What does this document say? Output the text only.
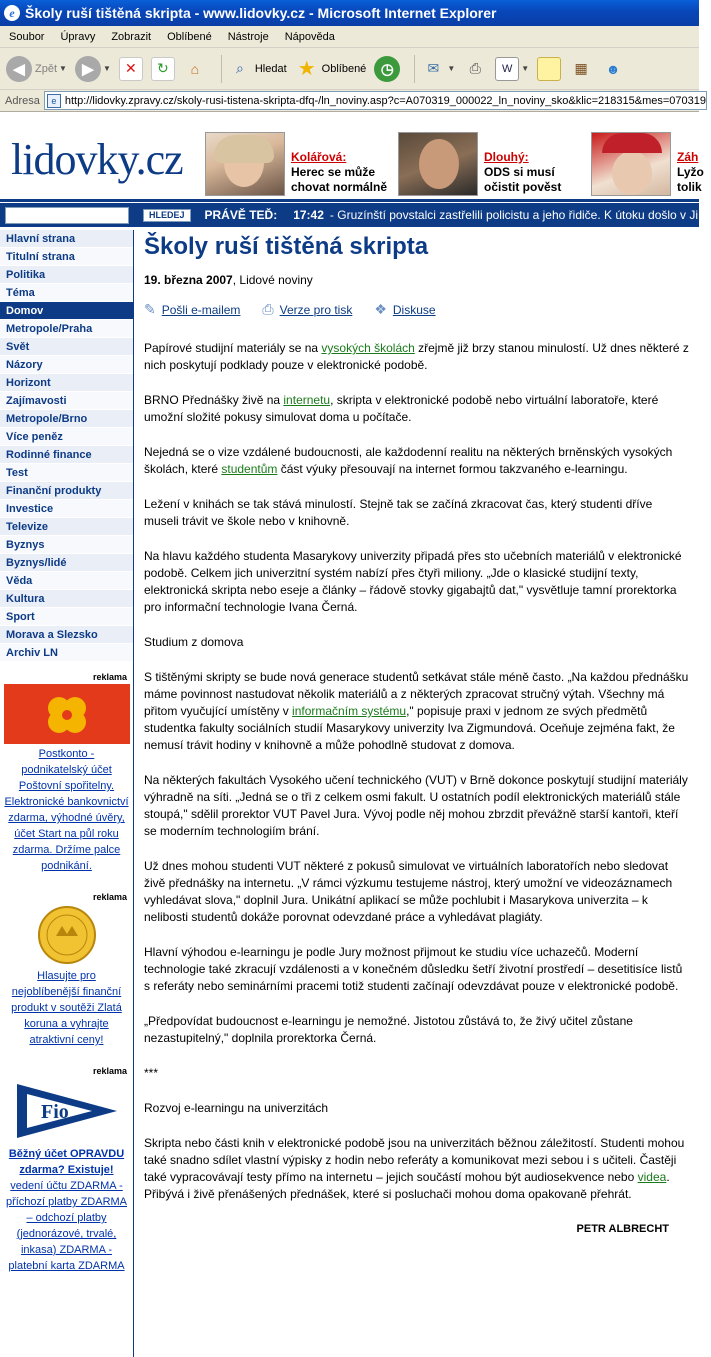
e Školy ruší tištěná skripta - www.lidovky.cz - Microsoft Internet Explorer
Soubor	Úpravy	Zobrazit	Oblíbené	Nástroje	Nápověda
◀ Zpět ▼	▶	▼	✕	↻	⌂	⌕	Hledat ★ Oblíbené ◷	✉	▼	⎙	W	▼	▦	☻
Adresa	e http://lidovky.zpravy.cz/skoly-rusi-tistena-skripta-dfq-/ln_noviny.asp?c=A070319_000022_ln_noviny_sko&klic=218315&mes=070319
lidovky.cz	Kolářová:
Herec se může chovat normálně
Dlouhý:
ODS si musí očistit pověst
Záh
Lyžo tolik
HLEDEJ	PRÁVĚ TEĎ: 17:42 - Gruzínští povstalci zastřelili policistu a jeho řidiče. K útoku došlo v Ji
Hlavní strana
Titulní strana
Politika
Téma
Domov
Metropole/Praha
Svět
Názory
Horizont
Zajímavosti
Metropole/Brno
Více peněz
Rodinné finance
Test
Finanční produkty
Investice
Televize
Byznys
Byznys/lidé
Věda
Kultura
Sport
Morava a Slezsko
Archiv LN
reklama
Postkonto - podnikatelský účet Poštovní spořitelny. Elektronické bankovnictví zdarma, výhodné úvěry, účet Start na půl roku zdarma. Držíme palce podnikání.
reklama
Hlasujte pro nejoblíbenější finanční produkt v soutěži Zlatá koruna a vyhrajte atraktivní ceny!
reklama
Fio
Běžný účet OPRAVDU zdarma? Existuje!
vedení účtu ZDARMA - příchozí platby ZDARMA – odchozí platby (jednorázové, trvalé, inkasa) ZDARMA - platební karta ZDARMA
Školy ruší tištěná skripta
19. března 2007, Lidové noviny
✎ Pošli e-mailem ⎙ Verze pro tisk ❖ Diskuse

Papírové studijní materiály se na vysokých školách zřejmě již brzy stanou minulostí. Už dnes některé z nich poskytují podklady pouze v elektronické podobě.

BRNO Přednášky živě na internetu, skripta v elektronické podobě nebo virtuální laboratoře, které umožní složité pokusy simulovat doma u počítače.

Nejedná se o vize vzdálené budoucnosti, ale každodenní realitu na některých brněnských vysokých školách, které studentům část výuky přesouvají na internet formou takzvaného e-learningu.

Ležení v knihách se tak stává minulostí. Stejně tak se začíná zkracovat čas, který studenti dříve museli trávit ve škole nebo v knihovně.

Na hlavu každého studenta Masarykovy univerzity připadá přes sto učebních materiálů v elektronické podobě. Celkem jich univerzitní systém nabízí přes čtyři miliony. „Jde o klasické studijní texty, elektronická skripta nebo eseje a články – řádově stovky gigabajtů dat," vysvětluje tamní prorektorka pro informační technologie Ivana Černá.

Studium z domova

S tištěnými skripty se bude nová generace studentů setkávat stále méně často. „Na každou přednášku máme povinnost nastudovat několik materiálů a z některých zpracovat stručný výtah. Všechny má přitom vyučující umístěny v informačním systému," popisuje praxi v jednom ze svých předmětů studentka fakulty sociálních studií Masarykovy univerzity Iva Zigmundová. Oceňuje zejména fakt, že nemusí trávit hodiny v knihovně a může pohodlně studovat z domova.

Na některých fakultách Vysokého učení technického (VUT) v Brně dokonce poskytují studijní materiály výhradně na síti. „Jedná se o tři z celkem osmi fakult. U ostatních podíl elektronických materiálů stále stoupá," sdělil prorektor VUT Pavel Jura. Vývoj podle něj mohou zbrzdit převážně starší kantoři, kteří se moderním technologiím brání.

Už dnes mohou studenti VUT některé z pokusů simulovat ve virtuálních laboratořích nebo sledovat živě přednášky na internetu. „V rámci výzkumu testujeme nástroj, který umožní ve videozáznamech vyhledávat slova," doplnil Jura. Unikátní aplikací se může pochlubit i Masarykova univerzita – k nelibosti studentů dokáže porovnat odevzdané práce a vyhledávat plagiáty.

Hlavní výhodou e-learningu je podle Jury možnost přijmout ke studiu více uchazečů. Moderní technologie také zkracují vzdálenosti a v konečném důsledku šetří životní prostředí – desetitisíce listů s referáty nebo seminárními pracemi totiž studenti začínají odevzdávat pouze v elektronické podobě.

„Předpovídat budoucnost e-learningu je nemožné. Jistotou zůstává to, že živý učitel zůstane nezastupitelný," doplnila prorektorka Černá.

***

Rozvoj e-learningu na univerzitách

Skripta nebo části knih v elektronické podobě jsou na univerzitách běžnou záležitostí. Studenti mohou také snadno sdílet vlastní výpisky z hodin nebo referáty a komunikovat mezi sebou i s učiteli. Častěji také vypracovávají testy přímo na internetu – jejich součástí mohou být audiosekvence nebo videa. Přibývá i živě přenášených přednášek, které si posluchači mohou doma opakovaně přehrát.

PETR ALBRECHT
